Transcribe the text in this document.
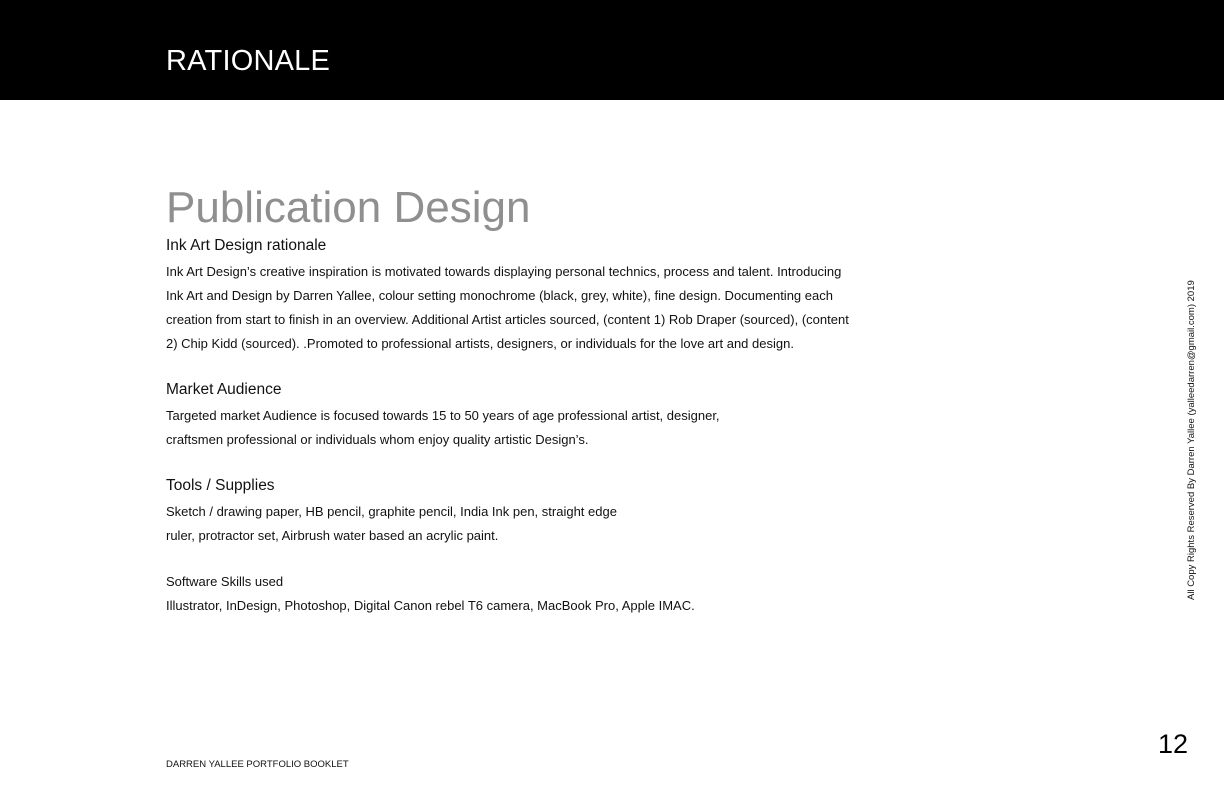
RATIONALE
Publication Design
Ink Art Design rationale

Ink Art Design’s creative inspiration is motivated towards displaying personal technics, process and talent. Introducing
Ink Art and Design by Darren Yallee, colour setting monochrome (black, grey, white), fine design. Documenting each
creation from start to finish in an overview. Additional Artist articles sourced, (content 1) Rob Draper (sourced), (content
2) Chip Kidd (sourced). .Promoted to professional artists, designers, or individuals for the love art and design.

Market Audience

Targeted market Audience is focused towards 15 to 50 years of age professional artist, designer,
craftsmen professional or individuals whom enjoy quality artistic Design’s.

Tools / Supplies

Sketch / drawing paper, HB pencil, graphite pencil, India Ink pen, straight edge
ruler, protractor set, Airbrush water based an acrylic paint.

Software Skills used

Illustrator, InDesign, Photoshop, Digital Canon rebel T6 camera, MacBook Pro, Apple IMAC.

All Copy Rights Reserved By Darren Yallee (yalleedarren@gmail.com) 2019

DARREN YALLEE PORTFOLIO BOOKLET

12
